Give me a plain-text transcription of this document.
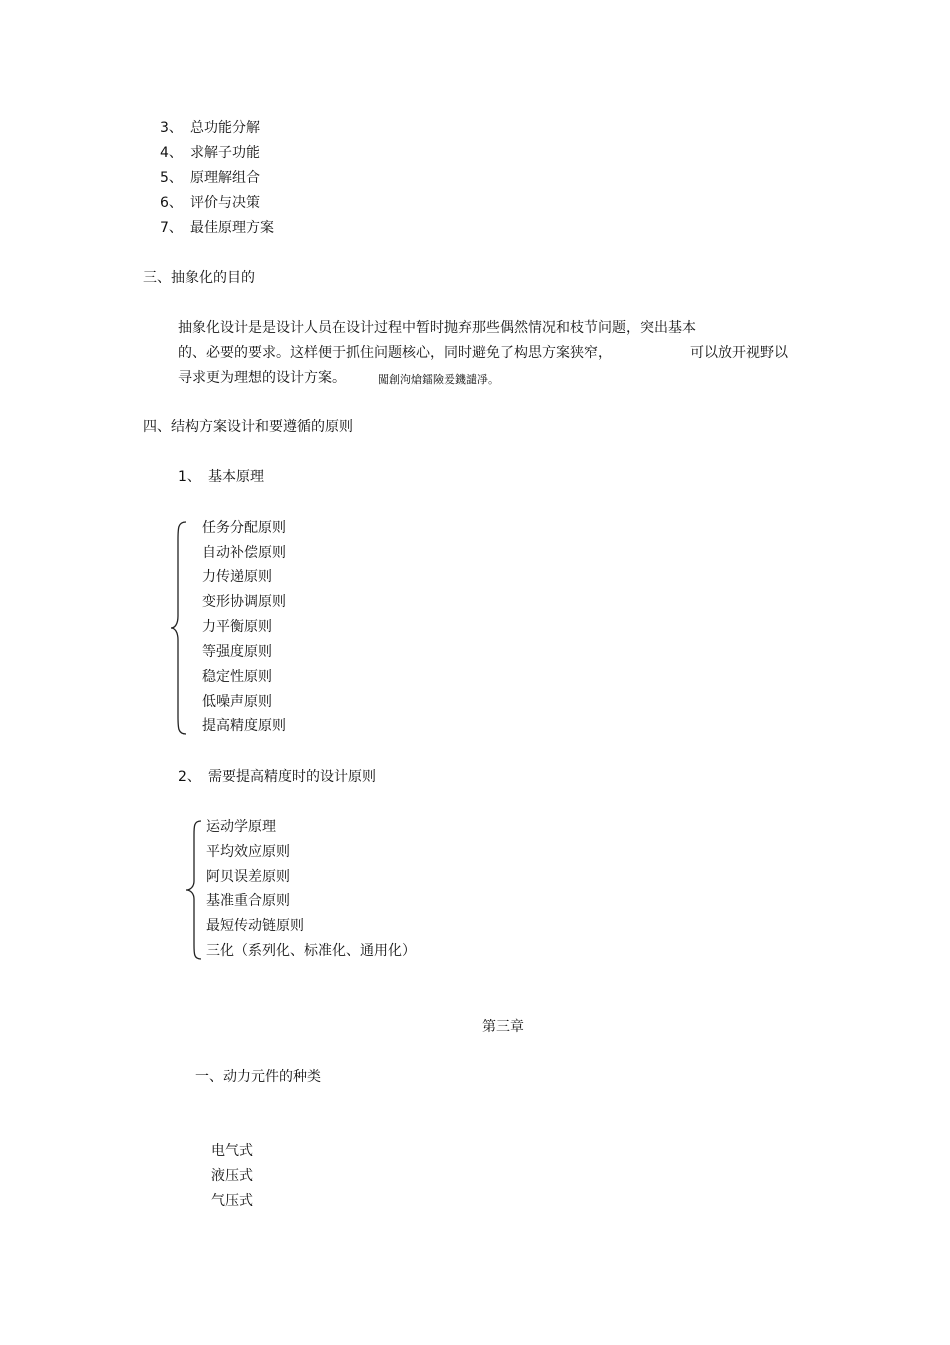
3、 总功能分解
4、 求解子功能
5、 原理解组合
6、 评价与决策
7、 最佳原理方案
三、抽象化的目的
抽象化设计是是设计人员在设计过程中暂时抛弃那些偶然情况和枝节问题，突出基本
的、必要的要求。这样便于抓住问题核心，同时避免了构思方案狭窄，	可以放开视野以
寻求更为理想的设计方案。	闖創泃熗鐳險爰鐖譴凈。
四、结构方案设计和要遵循的原则
1、 基本原理
任务分配原则
自动补偿原则
力传递原则
变形协调原则
力平衡原则
等强度原则
稳定性原则
低噪声原则
提高精度原则
2、 需要提高精度时的设计原则
运动学原理
平均效应原则
阿贝误差原则
基准重合原则
最短传动链原则
三化（系列化、标准化、通用化）
第三章
一、动力元件的种类
电气式
液压式
气压式
